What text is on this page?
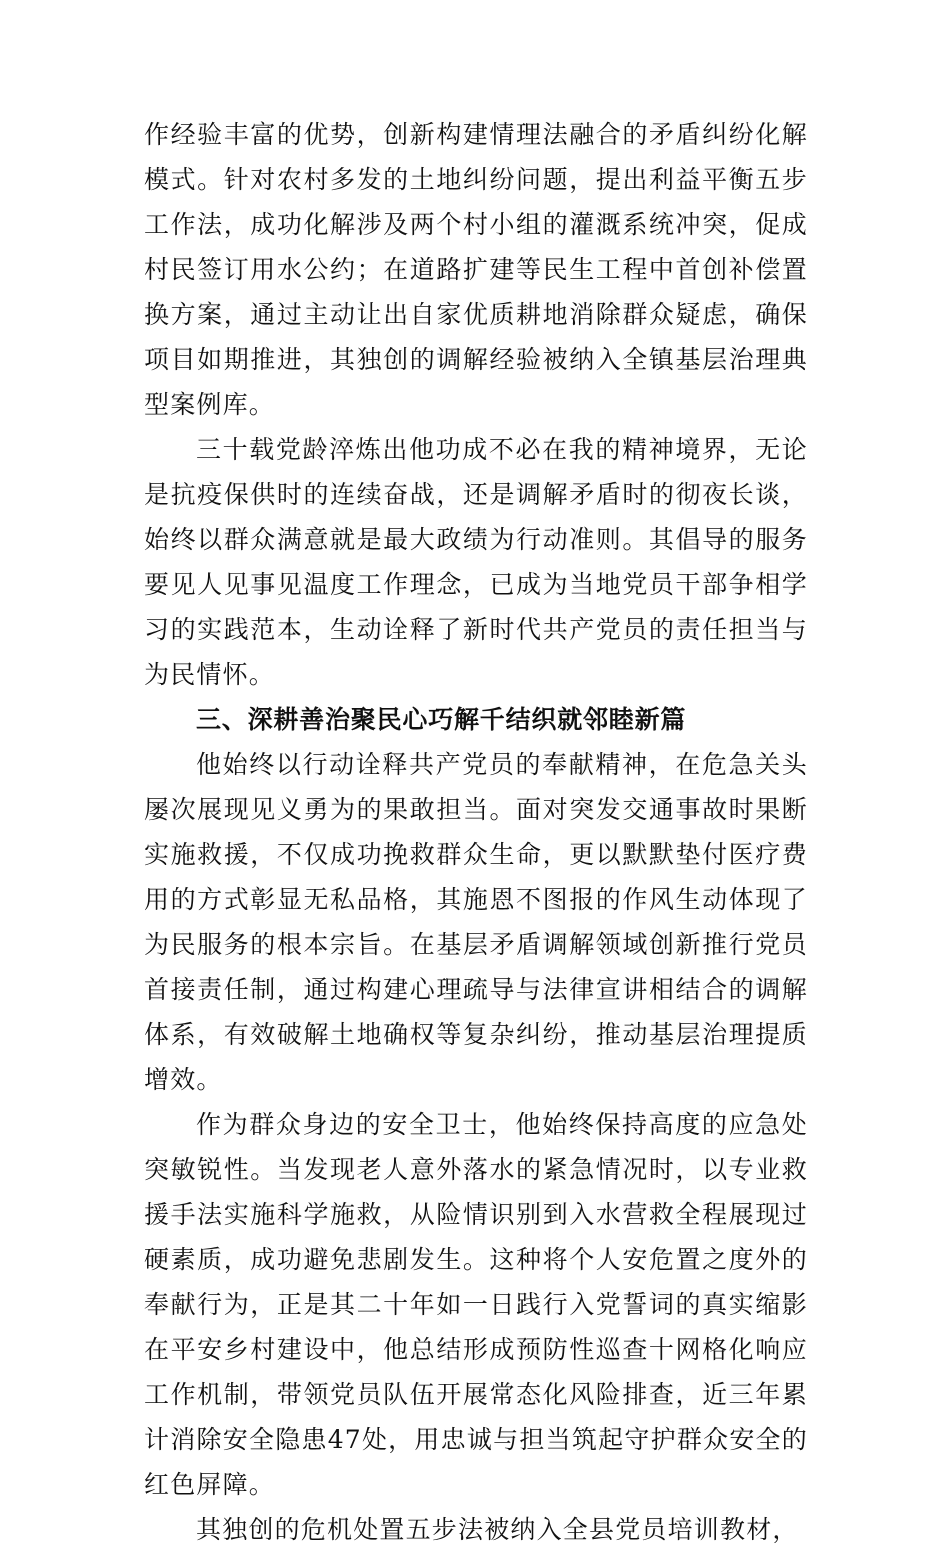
作经验丰富的优势，创新构建情理法融合的矛盾纠纷化解模式。针对农村多发的土地纠纷问题，提出利益平衡五步工作法，成功化解涉及两个村小组的灌溉系统冲突，促成村民签订用水公约；在道路扩建等民生工程中首创补偿置换方案，通过主动让出自家优质耕地消除群众疑虑，确保项目如期推进，其独创的调解经验被纳入全镇基层治理典型案例库。

三十载党龄淬炼出他功成不必在我的精神境界，无论是抗疫保供时的连续奋战，还是调解矛盾时的彻夜长谈，始终以群众满意就是最大政绩为行动准则。其倡导的服务要见人见事见温度工作理念，已成为当地党员干部争相学习的实践范本，生动诠释了新时代共产党员的责任担当与为民情怀。

三、深耕善治聚民心巧解千结织就邻睦新篇

他始终以行动诠释共产党员的奉献精神，在危急关头屡次展现见义勇为的果敢担当。面对突发交通事故时果断实施救援，不仅成功挽救群众生命，更以默默垫付医疗费用的方式彰显无私品格，其施恩不图报的作风生动体现了为民服务的根本宗旨。在基层矛盾调解领域创新推行党员首接责任制，通过构建心理疏导与法律宣讲相结合的调解体系，有效破解土地确权等复杂纠纷，推动基层治理提质增效。

作为群众身边的安全卫士，他始终保持高度的应急处突敏锐性。当发现老人意外落水的紧急情况时，以专业救援手法实施科学施救，从险情识别到入水营救全程展现过硬素质，成功避免悲剧发生。这种将个人安危置之度外的奉献行为，正是其二十年如一日践行入党誓词的真实缩影在平安乡村建设中，他总结形成预防性巡查十网格化响应工作机制，带领党员队伍开展常态化风险排查，近三年累计消除安全隐患47处，用忠诚与担当筑起守护群众安全的红色屏障。

其独创的危机处置五步法被纳入全县党员培训教材，
